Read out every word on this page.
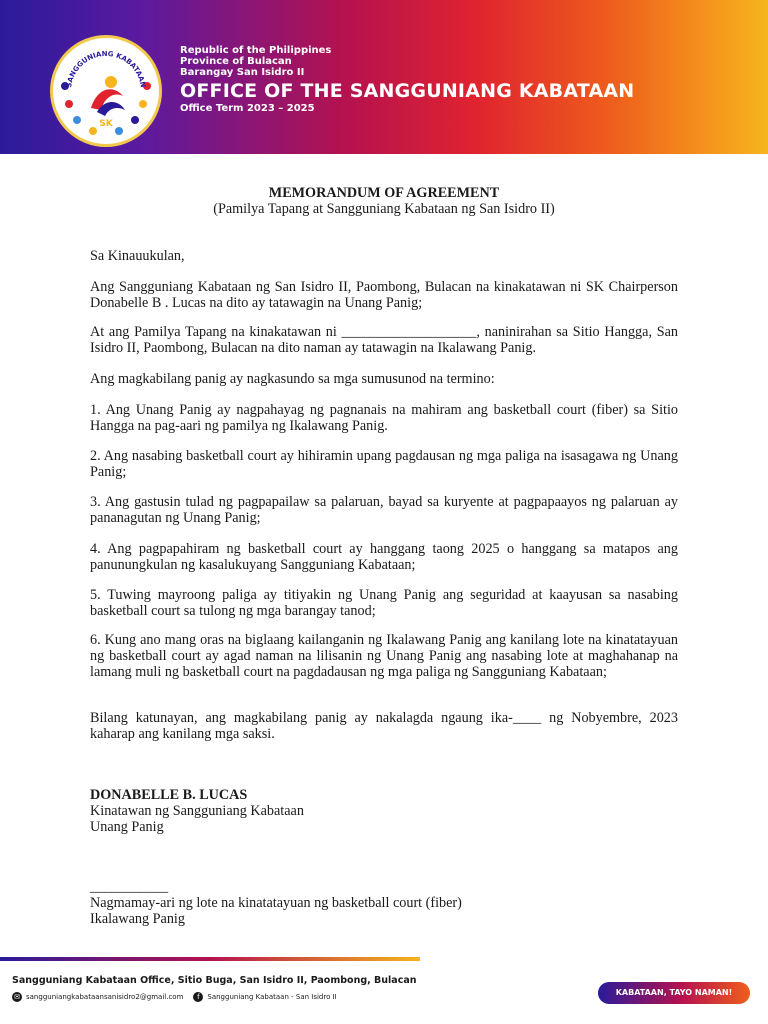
SANGGUNIANG KABATAAN
SK
Republic of the Philippines
Province of Bulacan
Barangay San Isidro II
OFFICE OF THE SANGGUNIANG KABATAAN
Office Term 2023 – 2025
MEMORANDUM OF AGREEMENT
(Pamilya Tapang at Sangguniang Kabataan ng San Isidro II)
Sa Kinauukulan,
Ang Sangguniang Kabataan ng San Isidro II, Paombong, Bulacan na kinakatawan ni SK Chairperson Donabelle B . Lucas na dito ay tatawagin na Unang Panig;
At ang Pamilya Tapang na kinakatawan ni ___________________, naninirahan sa Sitio Hangga, San Isidro II, Paombong, Bulacan na dito naman ay tatawagin na Ikalawang Panig.
Ang magkabilang panig ay nagkasundo sa mga sumusunod na termino:
1. Ang Unang Panig ay nagpahayag ng pagnanais na mahiram ang basketball court (fiber) sa Sitio Hangga na pag-aari ng pamilya ng Ikalawang Panig.
2. Ang nasabing basketball court ay hihiramin upang pagdausan ng mga paliga na isasagawa ng Unang Panig;
3. Ang gastusin tulad ng pagpapailaw sa palaruan, bayad sa kuryente at pagpapaayos ng palaruan ay pananagutan ng Unang Panig;
4. Ang pagpapahiram ng basketball court ay hanggang taong 2025 o hanggang sa matapos ang panunungkulan ng kasalukuyang Sangguniang Kabataan;
5. Tuwing mayroong paliga ay titiyakin ng Unang Panig ang seguridad at kaayusan sa nasabing basketball court sa tulong ng mga barangay tanod;
6. Kung ano mang oras na biglaang kailanganin ng Ikalawang Panig ang kanilang lote na kinatatayuan ng basketball court ay agad naman na lilisanin ng Unang Panig ang nasabing lote at maghahanap na lamang muli ng basketball court na pagdadausan ng mga paliga ng Sangguniang Kabataan;
Bilang katunayan, ang magkabilang panig ay nakalagda ngaung ika-____ ng Nobyembre, 2023 kaharap ang kanilang mga saksi.
DONABELLE B. LUCAS
Kinatawan ng Sangguniang Kabataan
Unang Panig
___________
Nagmamay-ari ng lote na kinatatayuan ng basketball court (fiber)
Ikalawang Panig
Sangguniang Kabataan Office, Sitio Buga, San Isidro II, Paombong, Bulacan
✉ sangguniangkabataansanisidro2@gmail.com	f	Sangguniang Kabataan - San Isidro II	KABATAAN, TAYO NAMAN!
